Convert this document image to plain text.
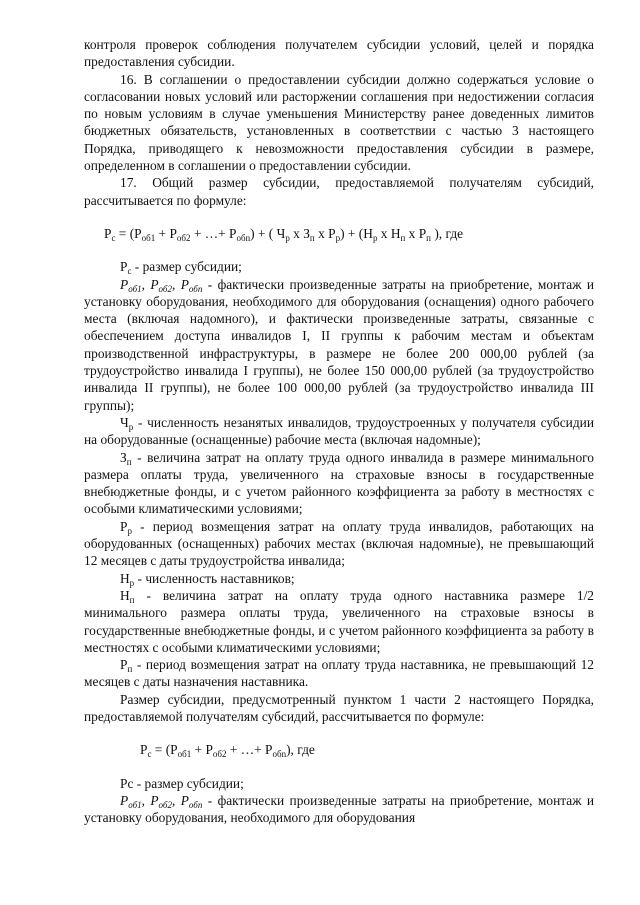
контроля проверок соблюдения получателем субсидии условий, целей и порядка предоставления субсидии.

16. В соглашении о предоставлении субсидии должно содержаться условие о согласовании новых условий или расторжении соглашения при недостижении согласия по новым условиям в случае уменьшения Министерству ранее доведенных лимитов бюджетных обязательств, установленных в соответствии с частью 3 настоящего Порядка, приводящего к невозможности предоставления субсидии в размере, определенном в соглашении о предоставлении субсидии.

17. Общий размер субсидии, предоставляемой получателям субсидий, рассчитывается по формуле:

$P_c = (P_{об1} + P_{об2}$ + …+ $P_{обn}$) + ( $Ч_р$ x $З_п$ x $P_p) + (Н_р$ x $Н_п$ x $P_п$ ), где

$Р_с$ - размер субсидии;

$P_{об1}$, $P_{об2}$, $P_{обn}$ - фактически произведенные затраты на приобретение, монтаж и установку оборудования, необходимого для оборудования (оснащения) одного рабочего места (включая надомного), и фактически произведенные затраты, связанные с обеспечением доступа инвалидов I, II группы к рабочим местам и объектам производственной инфраструктуры, в размере не более 200 000,00 рублей (за трудоустройство инвалида I группы), не более 150 000,00 рублей (за трудоустройство инвалида II группы), не более 100 000,00 рублей (за трудоустройство инвалида III группы);

$Ч_р$ - численность незанятых инвалидов, трудоустроенных у получателя субсидии на оборудованные (оснащенные) рабочие места (включая надомные);

$З_п$ - величина затрат на оплату труда одного инвалида в размере минимального размера оплаты труда, увеличенного на страховые взносы в государственные внебюджетные фонды, и с учетом районного коэффициента за работу в местностях с особыми климатическими условиями;

$Р_р$ - период возмещения затрат на оплату труда инвалидов, работающих на оборудованных (оснащенных) рабочих местах (включая надомные), не превышающий 12 месяцев с даты трудоустройства инвалида;

$Н_р$ - численность наставников;

$Н_п$ - величина затрат на оплату труда одного наставника размере 1/2 минимального размера оплаты труда, увеличенного на страховые взносы в государственные внебюджетные фонды, и с учетом районного коэффициента за работу в местностях с особыми климатическими условиями;

$Р_п$ - период возмещения затрат на оплату труда наставника, не превышающий 12 месяцев с даты назначения наставника.

Размер субсидии, предусмотренный пунктом 1 части 2 настоящего Порядка, предоставляемой получателям субсидий, рассчитывается по формуле:

$Р_с = (Р_{об1} + Р_{об2}$ + …+ $Р_{обn}$), где

Рс - размер субсидии;

$P_{об1}$, $P_{об2}$, $P_{обn}$ - фактически произведенные затраты на приобретение, монтаж и установку оборудования, необходимого для оборудования
